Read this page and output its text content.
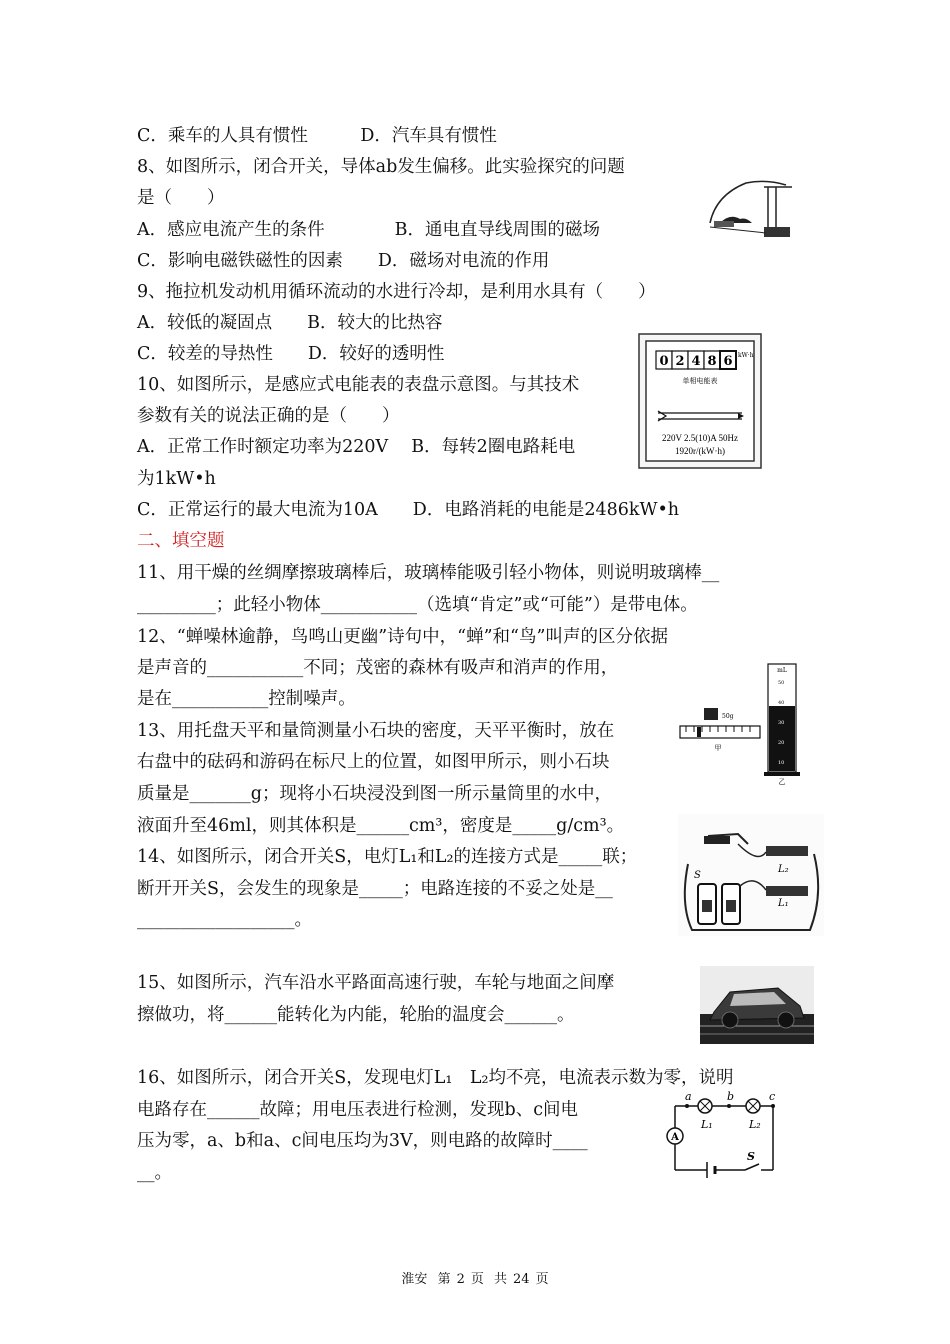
C．乘车的人具有惯性　　　D．汽车具有惯性
8、如图所示，闭合开关，导体ab发生偏移。此实验探究的问题
是（　　）
A．感应电流产生的条件　　　　B．通电直导线周围的磁场
C．影响电磁铁磁性的因素　　D．磁场对电流的作用
9、拖拉机发动机用循环流动的水进行冷却，是利用水具有（　　）
A．较低的凝固点　　B．较大的比热容
C．较差的导热性　　D．较好的透明性
10、如图所示，是感应式电能表的表盘示意图。与其技术
参数有关的说法正确的是（　　）
A．正常工作时额定功率为220V　 B．每转2圈电路耗电
为1kW•h
C．正常运行的最大电流为10A　　D．电路消耗的电能是2486kW•h
二、填空题
11、用干燥的丝绸摩擦玻璃棒后，玻璃棒能吸引轻小物体，则说明玻璃棒__
_________；此轻小物体___________（选填“肯定”或“可能”）是带电体。
12、“蝉噪林逾静，鸟鸣山更幽”诗句中，“蝉”和“鸟”叫声的区分依据
是声音的___________不同；茂密的森林有吸声和消声的作用，
是在___________控制噪声。
13、用托盘天平和量筒测量小石块的密度，天平平衡时，放在
右盘中的砝码和游码在标尺上的位置，如图甲所示，则小石块
质量是_______g；现将小石块浸没到图一所示量筒里的水中，
液面升至46ml，则其体积是______cm³，密度是_____g/cm³。
14、如图所示，闭合开关S，电灯L₁和L₂的连接方式是_____联；
断开开关S，会发生的现象是_____；电路连接的不妥之处是__
__________________。
15、如图所示，汽车沿水平路面高速行驶，车轮与地面之间摩
擦做功，将______能转化为内能，轮胎的温度会______。
16、如图所示，闭合开关S，发现电灯L₁　L₂均不亮，电流表示数为零，说明
电路存在______故障；用电压表进行检测，发现b、c间电
压为零，a、b和a、c间电压均为3V，则电路的故障时____
__。
0 2 4 8 6 kW·h
单相电能表
220V 2.5(10)A 50Hz
1920r/(kW·h)
50g
甲
mL
50
40
30
20
10
乙
S
L₁
L₂
A
a	b	c
L₁	L₂
S
淮安 第 2 页 共 24 页
